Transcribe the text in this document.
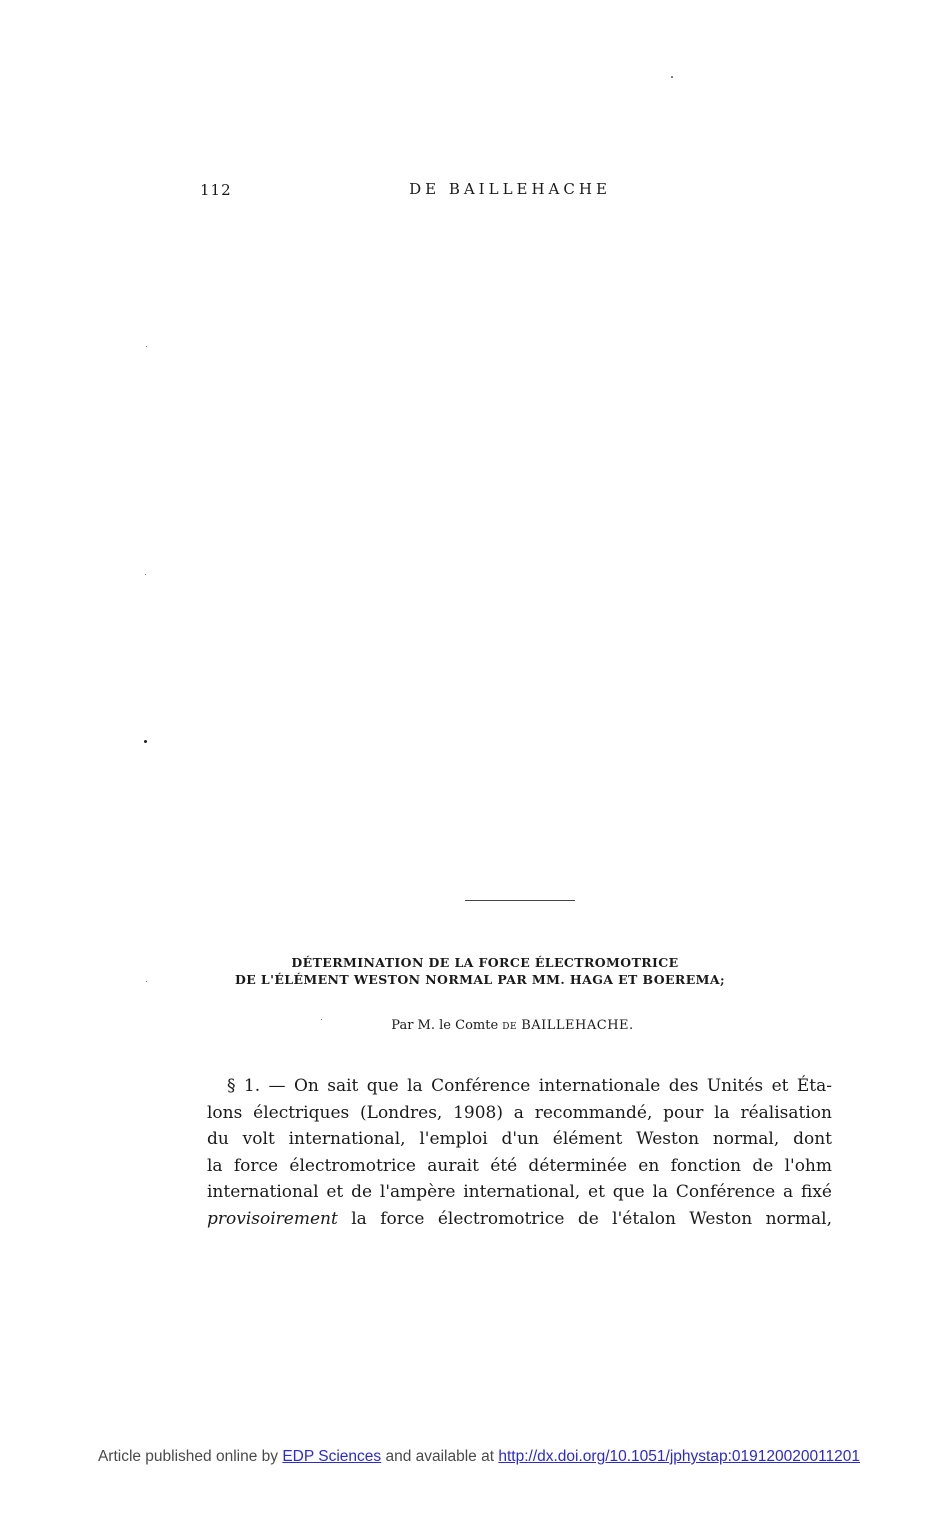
112	DE BAILLEHACHE
DÉTERMINATION DE LA FORCE ÉLECTROMOTRICE
DE L'ÉLÉMENT WESTON NORMAL PAR MM. HAGA ET BOEREMA;
Par M. le Comte de BAILLEHACHE.
§ 1. — On sait que la Conférence internationale des Unités et Éta-
lons électriques (Londres, 1908) a recommandé, pour la réalisation
du volt international, l'emploi d'un élément Weston normal, dont
la force électromotrice aurait été déterminée en fonction de l'ohm
international et de l'ampère international, et que la Conférence a fixé
provisoirement la force électromotrice de l'étalon Weston normal,
Article published online by EDP Sciences and available at http://dx.doi.org/10.1051/jphystap:019120020011201
